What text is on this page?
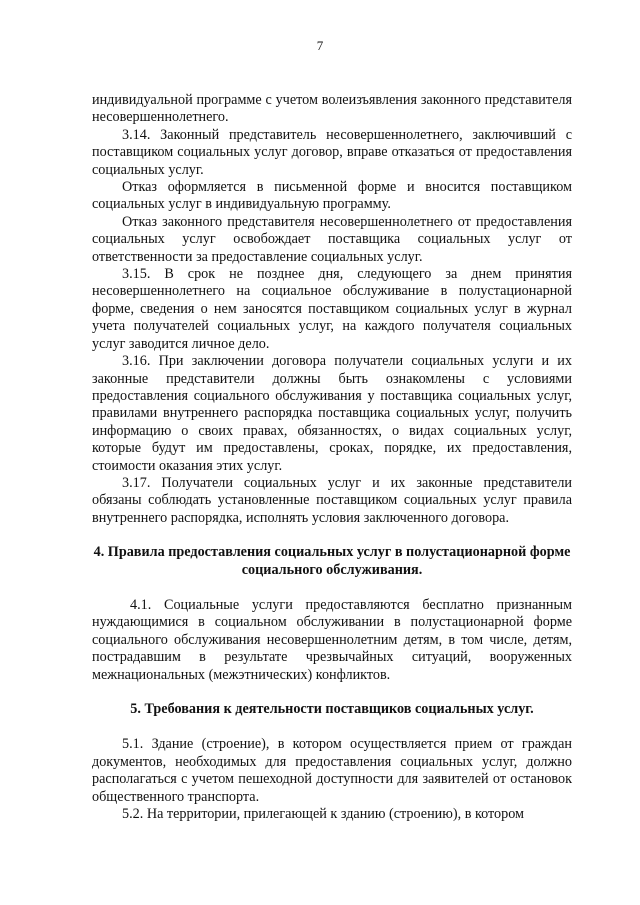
7

индивидуальной программе с учетом волеизъявления законного представителя несовершеннолетнего.

3.14. Законный представитель несовершеннолетнего, заключивший с поставщиком социальных услуг договор, вправе отказаться от предоставления социальных услуг.

Отказ оформляется в письменной форме и вносится поставщиком социальных услуг в индивидуальную программу.

Отказ законного представителя несовершеннолетнего от предоставления социальных услуг освобождает поставщика социальных услуг от ответственности за предоставление социальных услуг.

3.15. В срок не позднее дня, следующего за днем принятия несовершеннолетнего на социальное обслуживание в полустационарной форме, сведения о нем заносятся поставщиком социальных услуг в журнал учета получателей социальных услуг, на каждого получателя социальных услуг заводится личное дело.

3.16. При заключении договора получатели социальных услуги и их законные представители должны быть ознакомлены с условиями предоставления социального обслуживания у поставщика социальных услуг, правилами внутреннего распорядка поставщика социальных услуг, получить информацию о своих правах, обязанностях, о видах социальных услуг, которые будут им предоставлены, сроках, порядке, их предоставления, стоимости оказания этих услуг.

3.17. Получатели социальных услуг и их законные представители обязаны соблюдать установленные поставщиком социальных услуг правила внутреннего распорядка, исполнять условия заключенного договора.

4. Правила предоставления социальных услуг в полустационарной форме социального обслуживания.

4.1. Социальные услуги предоставляются бесплатно признанным нуждающимися в социальном обслуживании в полустационарной форме социального обслуживания несовершеннолетним детям, в том числе, детям, пострадавшим в результате чрезвычайных ситуаций, вооруженных межнациональных (межэтнических) конфликтов.

5. Требования к деятельности поставщиков социальных услуг.

5.1. Здание (строение), в котором осуществляется прием от граждан документов, необходимых для предоставления социальных услуг, должно располагаться с учетом пешеходной доступности для заявителей от остановок общественного транспорта.

5.2. На территории, прилегающей к зданию (строению), в котором
